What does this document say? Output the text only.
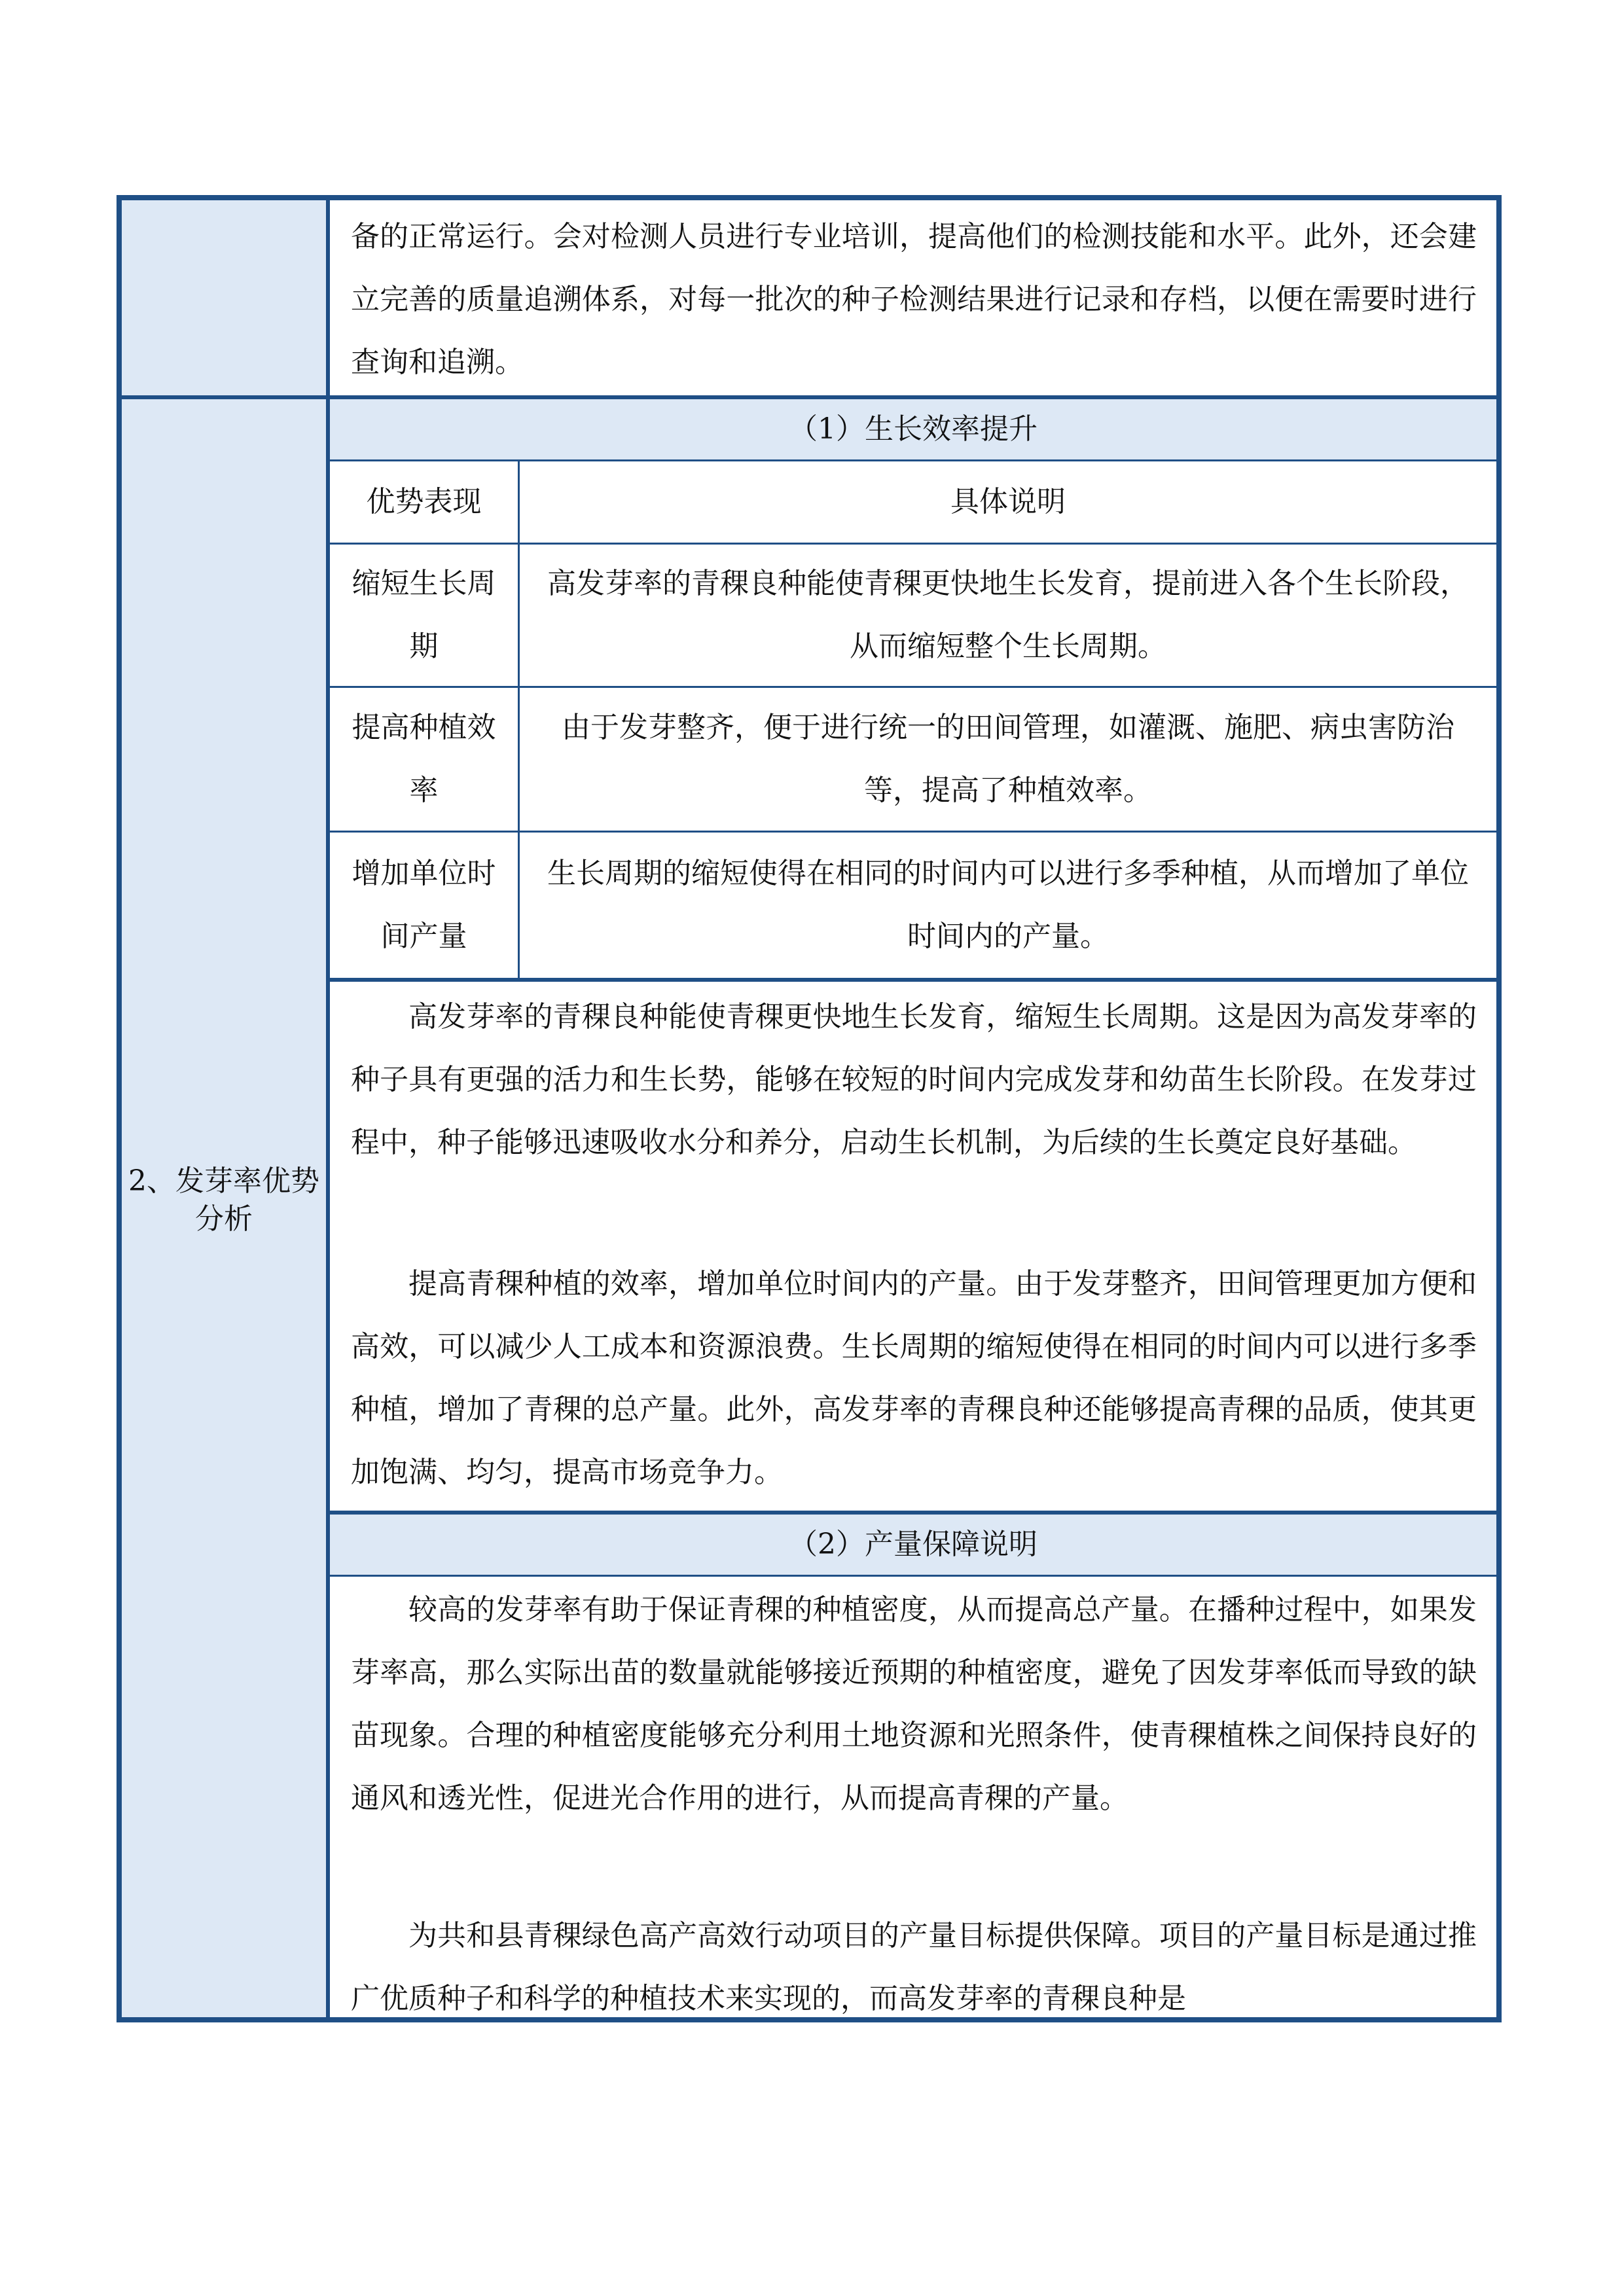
2、发芽率优势分析

备的正常运行。会对检测人员进行专业培训，提高他们的检测技能和水平。此外，还会建立完善的质量追溯体系，对每一批次的种子检测结果进行记录和存档，以便在需要时进行查询和追溯。

（1）生长效率提升
优势表现	具体说明
缩短生长周期
高发芽率的青稞良种能使青稞更快地生长发育，提前进入各个生长阶段，从而缩短整个生长周期。
提高种植效率
由于发芽整齐，便于进行统一的田间管理，如灌溉、施肥、病虫害防治等，提高了种植效率。
增加单位时间产量
生长周期的缩短使得在相同的时间内可以进行多季种植，从而增加了单位时间内的产量。

高发芽率的青稞良种能使青稞更快地生长发育，缩短生长周期。这是因为高发芽率的种子具有更强的活力和生长势，能够在较短的时间内完成发芽和幼苗生长阶段。在发芽过程中，种子能够迅速吸收水分和养分，启动生长机制，为后续的生长奠定良好基础。

提高青稞种植的效率，增加单位时间内的产量。由于发芽整齐，田间管理更加方便和高效，可以减少人工成本和资源浪费。生长周期的缩短使得在相同的时间内可以进行多季种植，增加了青稞的总产量。此外，高发芽率的青稞良种还能够提高青稞的品质，使其更加饱满、均匀，提高市场竞争力。

（2）产量保障说明

较高的发芽率有助于保证青稞的种植密度，从而提高总产量。在播种过程中，如果发芽率高，那么实际出苗的数量就能够接近预期的种植密度，避免了因发芽率低而导致的缺苗现象。合理的种植密度能够充分利用土地资源和光照条件，使青稞植株之间保持良好的通风和透光性，促进光合作用的进行，从而提高青稞的产量。

为共和县青稞绿色高产高效行动项目的产量目标提供保障。项目的产量目标是通过推广优质种子和科学的种植技术来实现的，而高发芽率的青稞良种是
